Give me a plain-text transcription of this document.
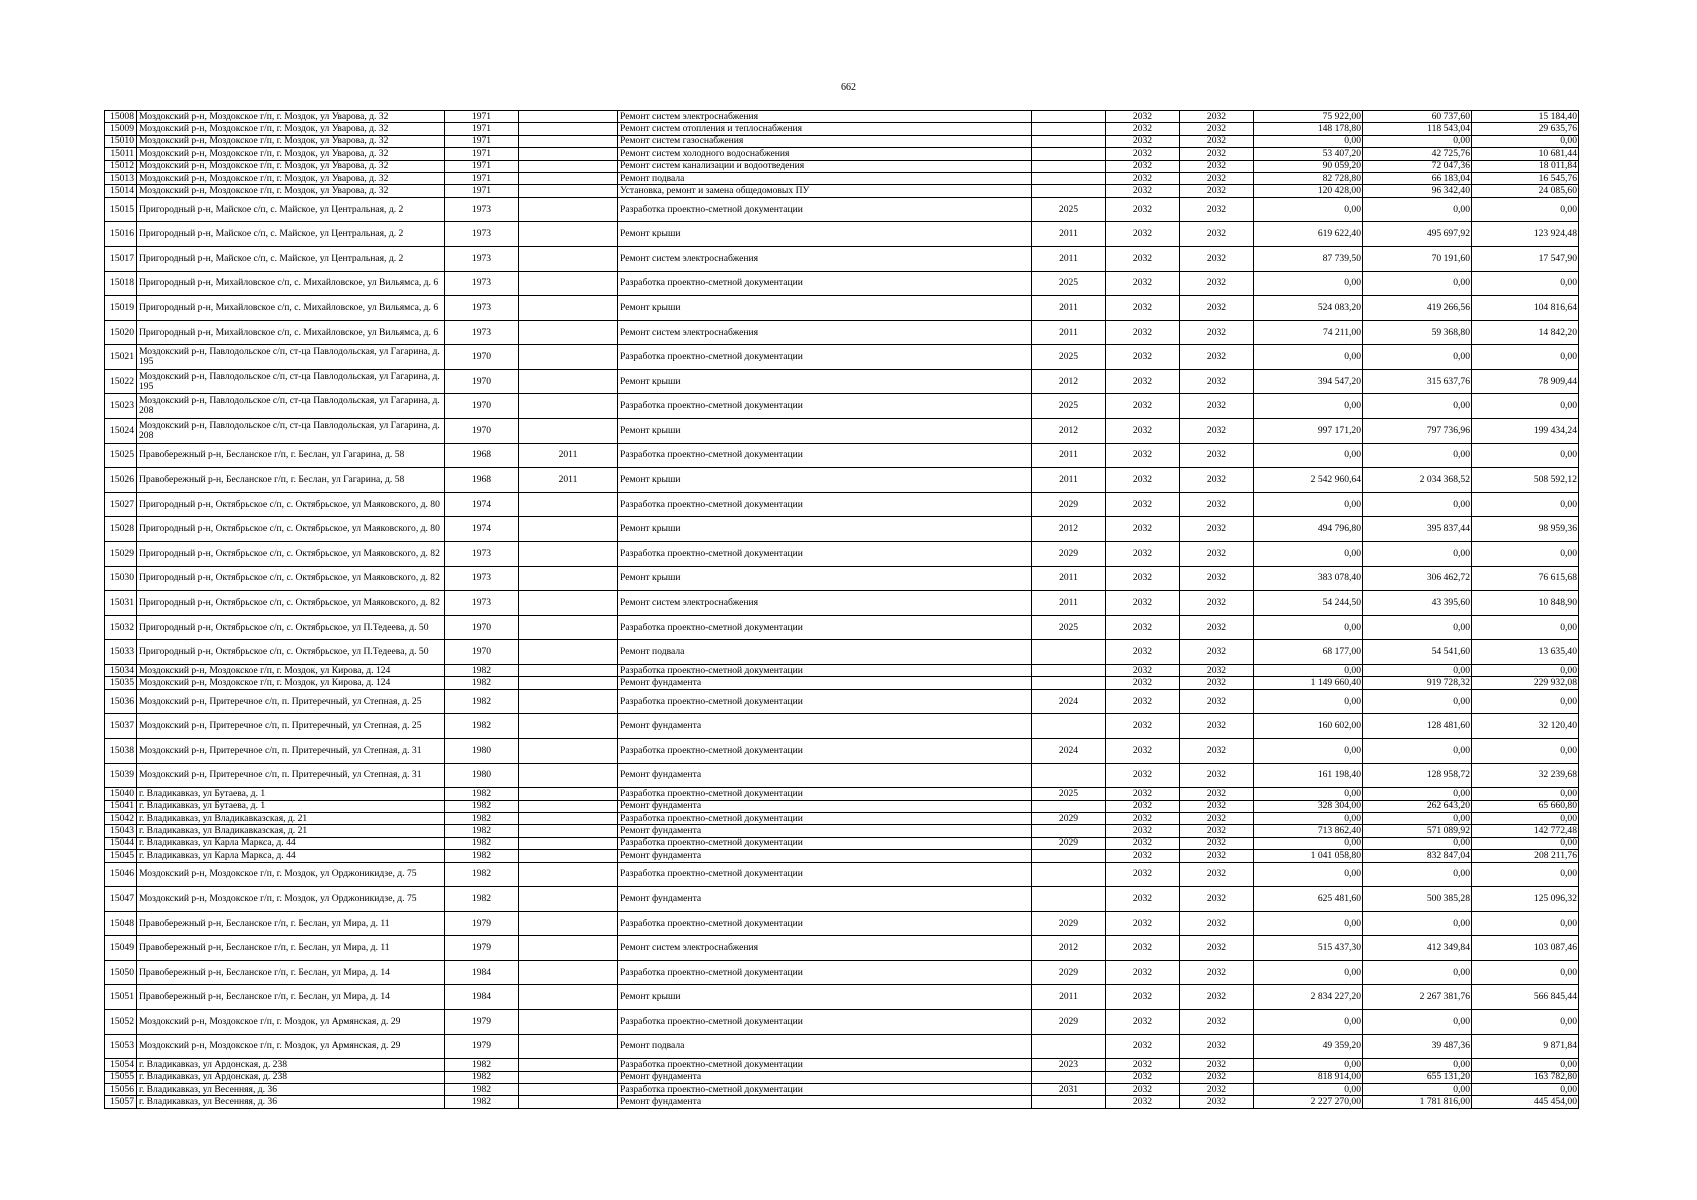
662
15008	Моздокский р-н, Моздокское г/п, г. Моздок, ул Уварова, д. 32	1971		Ремонт систем электроснабжения		2032	2032	75 922,00	60 737,60	15 184,40
15009	Моздокский р-н, Моздокское г/п, г. Моздок, ул Уварова, д. 32	1971		Ремонт систем отопления и теплоснабжения		2032	2032	148 178,80	118 543,04	29 635,76
15010	Моздокский р-н, Моздокское г/п, г. Моздок, ул Уварова, д. 32	1971		Ремонт систем газоснабжения		2032	2032	0,00	0,00	0,00
15011	Моздокский р-н, Моздокское г/п, г. Моздок, ул Уварова, д. 32	1971		Ремонт систем холодного водоснабжения		2032	2032	53 407,20	42 725,76	10 681,44
15012	Моздокский р-н, Моздокское г/п, г. Моздок, ул Уварова, д. 32	1971		Ремонт систем канализации и водоотведения		2032	2032	90 059,20	72 047,36	18 011,84
15013	Моздокский р-н, Моздокское г/п, г. Моздок, ул Уварова, д. 32	1971		Ремонт подвала		2032	2032	82 728,80	66 183,04	16 545,76
15014	Моздокский р-н, Моздокское г/п, г. Моздок, ул Уварова, д. 32	1971		Установка, ремонт и замена общедомовых ПУ		2032	2032	120 428,00	96 342,40	24 085,60
15015	Пригородный р-н, Майское с/п, с. Майское, ул Центральная, д. 2	1973		Разработка проектно-сметной документации	2025	2032	2032	0,00	0,00	0,00
15016	Пригородный р-н, Майское с/п, с. Майское, ул Центральная, д. 2	1973		Ремонт крыши	2011	2032	2032	619 622,40	495 697,92	123 924,48
15017	Пригородный р-н, Майское с/п, с. Майское, ул Центральная, д. 2	1973		Ремонт систем электроснабжения	2011	2032	2032	87 739,50	70 191,60	17 547,90
15018	Пригородный р-н, Михайловское с/п, с. Михайловское, ул Вильямса, д. 6	1973		Разработка проектно-сметной документации	2025	2032	2032	0,00	0,00	0,00
15019	Пригородный р-н, Михайловское с/п, с. Михайловское, ул Вильямса, д. 6	1973		Ремонт крыши	2011	2032	2032	524 083,20	419 266,56	104 816,64
15020	Пригородный р-н, Михайловское с/п, с. Михайловское, ул Вильямса, д. 6	1973		Ремонт систем электроснабжения	2011	2032	2032	74 211,00	59 368,80	14 842,20
15021	Моздокский р-н, Павлодольское с/п, ст-ца Павлодольская, ул Гагарина, д. 195	1970		Разработка проектно-сметной документации	2025	2032	2032	0,00	0,00	0,00
15022	Моздокский р-н, Павлодольское с/п, ст-ца Павлодольская, ул Гагарина, д. 195	1970		Ремонт крыши	2012	2032	2032	394 547,20	315 637,76	78 909,44
15023	Моздокский р-н, Павлодольское с/п, ст-ца Павлодольская, ул Гагарина, д. 208	1970		Разработка проектно-сметной документации	2025	2032	2032	0,00	0,00	0,00
15024	Моздокский р-н, Павлодольское с/п, ст-ца Павлодольская, ул Гагарина, д. 208	1970		Ремонт крыши	2012	2032	2032	997 171,20	797 736,96	199 434,24
15025	Правобережный р-н, Беcланское г/п, г. Беслан, ул Гагарина, д. 58	1968	2011	Разработка проектно-сметной документации	2011	2032	2032	0,00	0,00	0,00
15026	Правобережный р-н, Беcланское г/п, г. Беслан, ул Гагарина, д. 58	1968	2011	Ремонт крыши	2011	2032	2032	2 542 960,64	2 034 368,52	508 592,12
15027	Пригородный р-н, Октябрьское с/п, с. Октябрьское, ул Маяковского, д. 80	1974		Разработка проектно-сметной документации	2029	2032	2032	0,00	0,00	0,00
15028	Пригородный р-н, Октябрьское с/п, с. Октябрьское, ул Маяковского, д. 80	1974		Ремонт крыши	2012	2032	2032	494 796,80	395 837,44	98 959,36
15029	Пригородный р-н, Октябрьское с/п, с. Октябрьское, ул Маяковского, д. 82	1973		Разработка проектно-сметной документации	2029	2032	2032	0,00	0,00	0,00
15030	Пригородный р-н, Октябрьское с/п, с. Октябрьское, ул Маяковского, д. 82	1973		Ремонт крыши	2011	2032	2032	383 078,40	306 462,72	76 615,68
15031	Пригородный р-н, Октябрьское с/п, с. Октябрьское, ул Маяковского, д. 82	1973		Ремонт систем электроснабжения	2011	2032	2032	54 244,50	43 395,60	10 848,90
15032	Пригородный р-н, Октябрьское с/п, с. Октябрьское, ул П.Тедеева, д. 50	1970		Разработка проектно-сметной документации	2025	2032	2032	0,00	0,00	0,00
15033	Пригородный р-н, Октябрьское с/п, с. Октябрьское, ул П.Тедеева, д. 50	1970		Ремонт подвала		2032	2032	68 177,00	54 541,60	13 635,40
15034	Моздокский р-н, Моздокское г/п, г. Моздок, ул Кирова, д. 124	1982		Разработка проектно-сметной документации		2032	2032	0,00	0,00	0,00
15035	Моздокский р-н, Моздокское г/п, г. Моздок, ул Кирова, д. 124	1982		Ремонт фундамента		2032	2032	1 149 660,40	919 728,32	229 932,08
15036	Моздокский р-н, Притеречное с/п, п. Притеречный, ул Степная, д. 25	1982		Разработка проектно-сметной документации	2024	2032	2032	0,00	0,00	0,00
15037	Моздокский р-н, Притеречное с/п, п. Притеречный, ул Степная, д. 25	1982		Ремонт фундамента		2032	2032	160 602,00	128 481,60	32 120,40
15038	Моздокский р-н, Притеречное с/п, п. Притеречный, ул Степная, д. 31	1980		Разработка проектно-сметной документации	2024	2032	2032	0,00	0,00	0,00
15039	Моздокский р-н, Притеречное с/п, п. Притеречный, ул Степная, д. 31	1980		Ремонт фундамента		2032	2032	161 198,40	128 958,72	32 239,68
15040	г. Владикавказ, ул Бутаева, д. 1	1982		Разработка проектно-сметной документации	2025	2032	2032	0,00	0,00	0,00
15041	г. Владикавказ, ул Бутаева, д. 1	1982		Ремонт фундамента		2032	2032	328 304,00	262 643,20	65 660,80
15042	г. Владикавказ, ул Владикавказская, д. 21	1982		Разработка проектно-сметной документации	2029	2032	2032	0,00	0,00	0,00
15043	г. Владикавказ, ул Владикавказская, д. 21	1982		Ремонт фундамента		2032	2032	713 862,40	571 089,92	142 772,48
15044	г. Владикавказ, ул Карла Маркса, д. 44	1982		Разработка проектно-сметной документации	2029	2032	2032	0,00	0,00	0,00
15045	г. Владикавказ, ул Карла Маркса, д. 44	1982		Ремонт фундамента		2032	2032	1 041 058,80	832 847,04	208 211,76
15046	Моздокский р-н, Моздокское г/п, г. Моздок, ул Орджоникидзе, д. 75	1982		Разработка проектно-сметной документации		2032	2032	0,00	0,00	0,00
15047	Моздокский р-н, Моздокское г/п, г. Моздок, ул Орджоникидзе, д. 75	1982		Ремонт фундамента		2032	2032	625 481,60	500 385,28	125 096,32
15048	Правобережный р-н, Беcланское г/п, г. Беслан, ул Мира, д. 11	1979		Разработка проектно-сметной документации	2029	2032	2032	0,00	0,00	0,00
15049	Правобережный р-н, Беcланское г/п, г. Беслан, ул Мира, д. 11	1979		Ремонт систем электроснабжения	2012	2032	2032	515 437,30	412 349,84	103 087,46
15050	Правобережный р-н, Беcланское г/п, г. Беслан, ул Мира, д. 14	1984		Разработка проектно-сметной документации	2029	2032	2032	0,00	0,00	0,00
15051	Правобережный р-н, Беcланское г/п, г. Беслан, ул Мира, д. 14	1984		Ремонт крыши	2011	2032	2032	2 834 227,20	2 267 381,76	566 845,44
15052	Моздокский р-н, Моздокское г/п, г. Моздок, ул Армянская, д. 29	1979		Разработка проектно-сметной документации	2029	2032	2032	0,00	0,00	0,00
15053	Моздокский р-н, Моздокское г/п, г. Моздок, ул Армянская, д. 29	1979		Ремонт подвала		2032	2032	49 359,20	39 487,36	9 871,84
15054	г. Владикавказ, ул Ардонская, д. 238	1982		Разработка проектно-сметной документации	2023	2032	2032	0,00	0,00	0,00
15055	г. Владикавказ, ул Ардонская, д. 238	1982		Ремонт фундамента		2032	2032	818 914,00	655 131,20	163 782,80
15056	г. Владикавказ, ул Весенняя, д. 36	1982		Разработка проектно-сметной документации	2031	2032	2032	0,00	0,00	0,00
15057	г. Владикавказ, ул Весенняя, д. 36	1982		Ремонт фундамента		2032	2032	2 227 270,00	1 781 816,00	445 454,00
